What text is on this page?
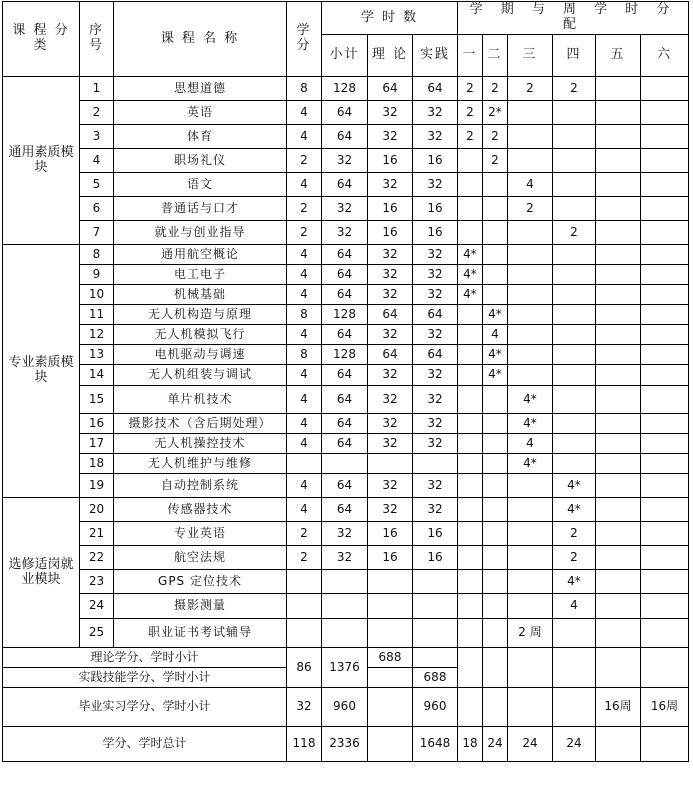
课 程 分 类	序 号	课 程 名 称	学 分	学 时 数			学 期 与 周 学 时 分 配					
				小计	理 论	实践	一	二	三	四	五	六
通用素质模块	1	思想道德	8	128	64	64	2	2	2	2		
	2	英语	4	64	32	32	2	2*				
	3	体育	4	64	32	32	2	2				
	4	职场礼仪	2	32	16	16		2				
	5	语文	4	64	32	32			4			
	6	普通话与口才	2	32	16	16			2			
	7	就业与创业指导	2	32	16	16				2		
专业素质模块	8	通用航空概论	4	64	32	32	4*					
	9	电工电子	4	64	32	32	4*					
	10	机械基础	4	64	32	32	4*					
	11	无人机构造与原理	8	128	64	64		4*				
	12	无人机模拟飞行	4	64	32	32		4				
	13	电机驱动与调速	8	128	64	64		4*				
	14	无人机组装与调试	4	64	32	32		4*				
	15	单片机技术	4	64	32	32			4*			
	16	摄影技术（含后期处理）	4	64	32	32			4*			
	17	无人机操控技术	4	64	32	32			4			
	18	无人机维护与维修							4*			
	19	自动控制系统	4	64	32	32				4*		
选修适岗就业模块	20	传感器技术	4	64	32	32				4*		
	21	专业英语	2	32	16	16				2		
	22	航空法规	2	32	16	16				2		
	23	GPS 定位技术								4*		
	24	摄影测量								4		
	25	职业证书考试辅导							2 周			
理论学分、学时小计			86	1376	688							
实践技能学分、学时小计						688						
毕业实习学分、学时小计			32	960		960					16周	16周
学分、学时总计			118	2336		1648	18	24	24	24		
